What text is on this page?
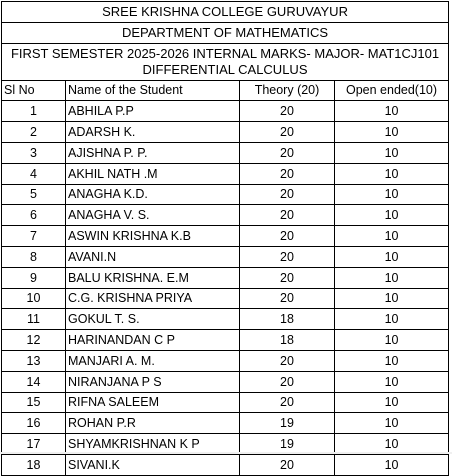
SREE KRISHNA COLLEGE GURUVAYUR			
DEPARTMENT OF MATHEMATICS			
FIRST SEMESTER 2025-2026 INTERNAL MARKS- MAJOR- MAT1CJ101 DIFFERENTIAL CALCULUS			
Sl No	Name of the Student	Theory (20)	Open ended(10)
1	ABHILA P.P	20	10
2	ADARSH K.	20	10
3	AJISHNA P. P.	20	10
4	AKHIL NATH .M	20	10
5	ANAGHA K.D.	20	10
6	ANAGHA V. S.	20	10
7	ASWIN KRISHNA K.B	20	10
8	AVANI.N	20	10
9	BALU KRISHNA. E.M	20	10
10	C.G. KRISHNA PRIYA	20	10
11	GOKUL T. S.	18	10
12	HARINANDAN C P	18	10
13	MANJARI A. M.	20	10
14	NIRANJANA P S	20	10
15	RIFNA SALEEM	20	10
16	ROHAN P.R	19	10
17	SHYAMKRISHNAN K P	19	10
18	SIVANI.K	20	10
